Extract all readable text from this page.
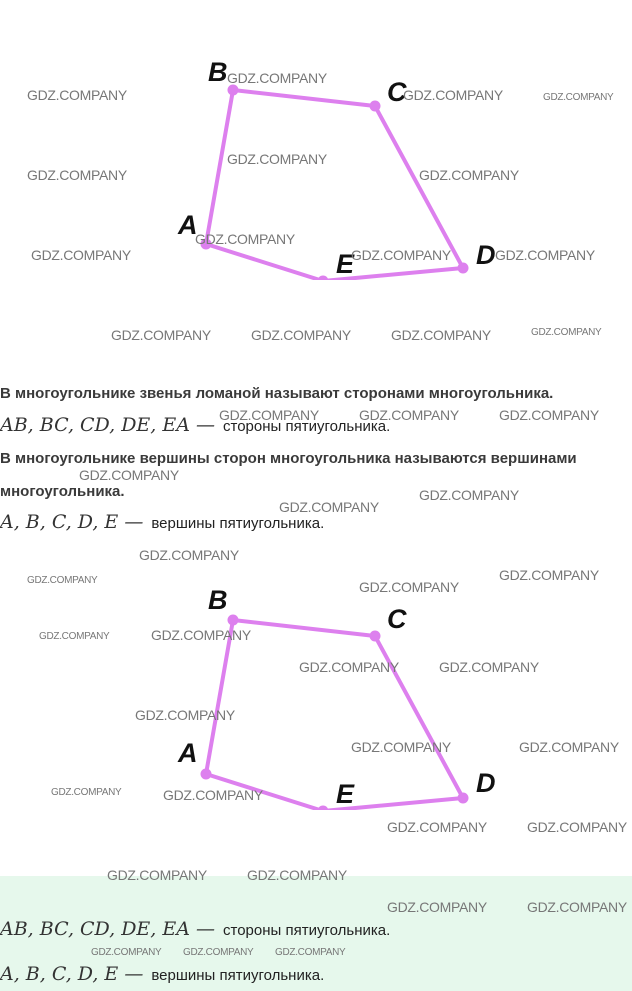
B
C
D
E
A
B
C
D
E
A
В многоугольнике звенья ломаной называют сторонами многоугольника.
AB, BC, CD, DE, EA — стороны пятиугольника.
В многоугольнике вершины сторон многоугольника называются вершинами
многоугольника.
A, B, C, D, E — вершины пятиугольника.
AB, BC, CD, DE, EA — стороны пятиугольника.
A, B, C, D, E — вершины пятиугольника.
GDZ.COMPANY
GDZ.COMPANY
GDZ.COMPANY	GDZ.COMPANY
GDZ.COMPANY
GDZ.COMPANY
GDZ.COMPANY
GDZ.COMPANY
GDZ.COMPANY
GDZ.COMPANY	GDZ.COMPANY
GDZ.COMPANY	GDZ.COMPANY	GDZ.COMPANY	GDZ.COMPANY
GDZ.COMPANY	GDZ.COMPANY	GDZ.COMPANY
GDZ.COMPANY
GDZ.COMPANY
GDZ.COMPANY
GDZ.COMPANY
GDZ.COMPANY
GDZ.COMPANY	GDZ.COMPANY
GDZ.COMPANY	GDZ.COMPANY
GDZ.COMPANY	GDZ.COMPANY
GDZ.COMPANY
GDZ.COMPANY	GDZ.COMPANY
GDZ.COMPANY	GDZ.COMPANY
GDZ.COMPANY	GDZ.COMPANY
GDZ.COMPANY	GDZ.COMPANY
GDZ.COMPANY	GDZ.COMPANY
GDZ.COMPANY GDZ.COMPANY GDZ.COMPANY
